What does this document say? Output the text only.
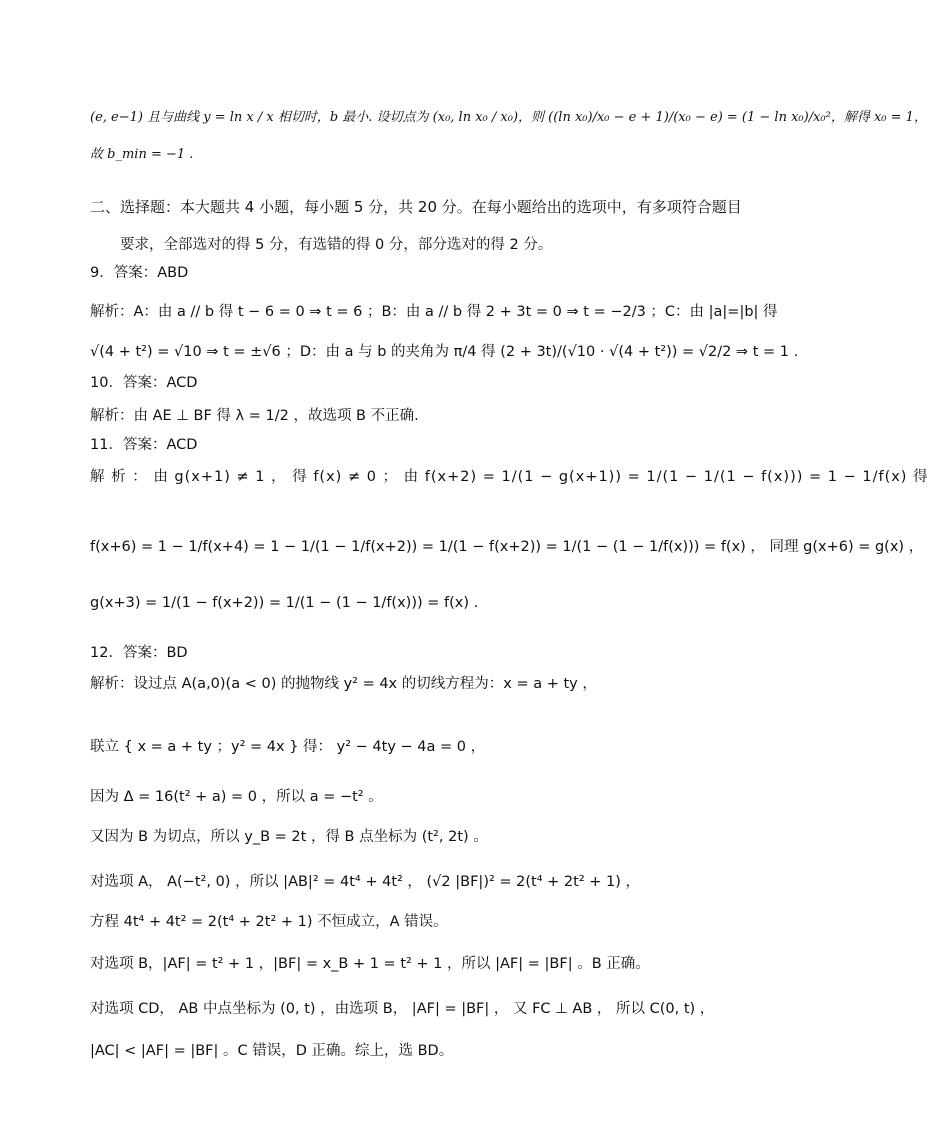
(e, e−1) 且与曲线 y = ln x / x 相切时，b 最小. 设切点为 (x₀, ln x₀ / x₀)，则 ((ln x₀)/x₀ − e + 1)/(x₀ − e) = (1 − ln x₀)/x₀²，解得 x₀ = 1，
故 b_min = −1 .
二、选择题：本大题共 4 小题，每小题 5 分，共 20 分。在每小题给出的选项中，有多项符合题目
要求，全部选对的得 5 分，有选错的得 0 分，部分选对的得 2 分。
9．答案：ABD
解析：A：由 a // b 得 t − 6 = 0 ⇒ t = 6 ；B：由 a // b 得 2 + 3t = 0 ⇒ t = −2/3 ；C：由 |a|=|b| 得
√(4 + t²) = √10 ⇒ t = ±√6 ；D：由 a 与 b 的夹角为 π/4 得 (2 + 3t)/(√10 · √(4 + t²)) = √2/2 ⇒ t = 1 .
10．答案：ACD
解析：由 AE ⊥ BF 得 λ = 1/2 ，故选项 B 不正确.
11．答案：ACD
解 析 ： 由 g(x+1) ≠ 1 ， 得 f(x) ≠ 0 ； 由 f(x+2) = 1/(1 − g(x+1)) = 1/(1 − 1/(1 − f(x))) = 1 − 1/f(x) 得
f(x+6) = 1 − 1/f(x+4) = 1 − 1/(1 − 1/f(x+2)) = 1/(1 − f(x+2)) = 1/(1 − (1 − 1/f(x))) = f(x) ， 同理 g(x+6) = g(x) ，
g(x+3) = 1/(1 − f(x+2)) = 1/(1 − (1 − 1/f(x))) = f(x) .
12．答案：BD
解析：设过点 A(a,0)(a < 0) 的抛物线 y² = 4x 的切线方程为：x = a + ty ，
联立 { x = a + ty ；y² = 4x } 得： y² − 4ty − 4a = 0 ，
因为 Δ = 16(t² + a) = 0 ，所以 a = −t² 。
又因为 B 为切点，所以 y_B = 2t ，得 B 点坐标为 (t², 2t) 。
对选项 A， A(−t², 0) ，所以 |AB|² = 4t⁴ + 4t² ， (√2 |BF|)² = 2(t⁴ + 2t² + 1) ，
方程 4t⁴ + 4t² = 2(t⁴ + 2t² + 1) 不恒成立，A 错误。
对选项 B，|AF| = t² + 1 ，|BF| = x_B + 1 = t² + 1 ，所以 |AF| = |BF| 。B 正确。
对选项 CD， AB 中点坐标为 (0, t) ，由选项 B， |AF| = |BF| ， 又 FC ⊥ AB ， 所以 C(0, t) ，
|AC| < |AF| = |BF| 。C 错误，D 正确。综上，选 BD。
